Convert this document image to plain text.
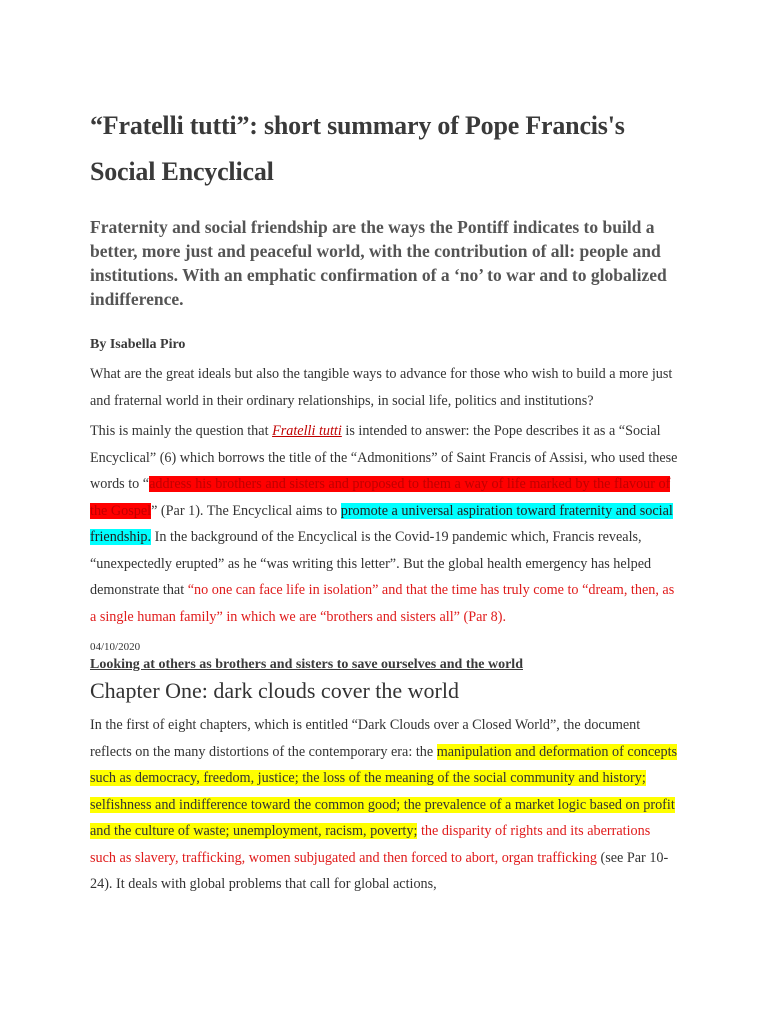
“Fratelli tutti”: short summary of Pope Francis's Social Encyclical

Fraternity and social friendship are the ways the Pontiff indicates to build a better, more just and peaceful world, with the contribution of all: people and institutions. With an emphatic confirmation of a ‘no’ to war and to globalized indifference.

By Isabella Piro

What are the great ideals but also the tangible ways to advance for those who wish to build a more just and fraternal world in their ordinary relationships, in social life, politics and institutions?

This is mainly the question that Fratelli tutti is intended to answer: the Pope describes it as a “Social Encyclical” (6) which borrows the title of the “Admonitions” of Saint Francis of Assisi, who used these words to “address his brothers and sisters and proposed to them a way of life marked by the flavour of the Gospel” (Par 1). The Encyclical aims to promote a universal aspiration toward fraternity and social friendship. In the background of the Encyclical is the Covid-19 pandemic which, Francis reveals, “unexpectedly erupted” as he “was writing this letter”. But the global health emergency has helped demonstrate that “no one can face life in isolation” and that the time has truly come to “dream, then, as a single human family” in which we are “brothers and sisters all” (Par 8).

04/10/2020

Looking at others as brothers and sisters to save ourselves and the world

Chapter One: dark clouds cover the world

In the first of eight chapters, which is entitled “Dark Clouds over a Closed World”, the document reflects on the many distortions of the contemporary era: the manipulation and deformation of concepts such as democracy, freedom, justice; the loss of the meaning of the social community and history; selfishness and indifference toward the common good; the prevalence of a market logic based on profit and the culture of waste; unemployment, racism, poverty; the disparity of rights and its aberrations such as slavery, trafficking, women subjugated and then forced to abort, organ trafficking (see Par 10-24). It deals with global problems that call for global actions,
